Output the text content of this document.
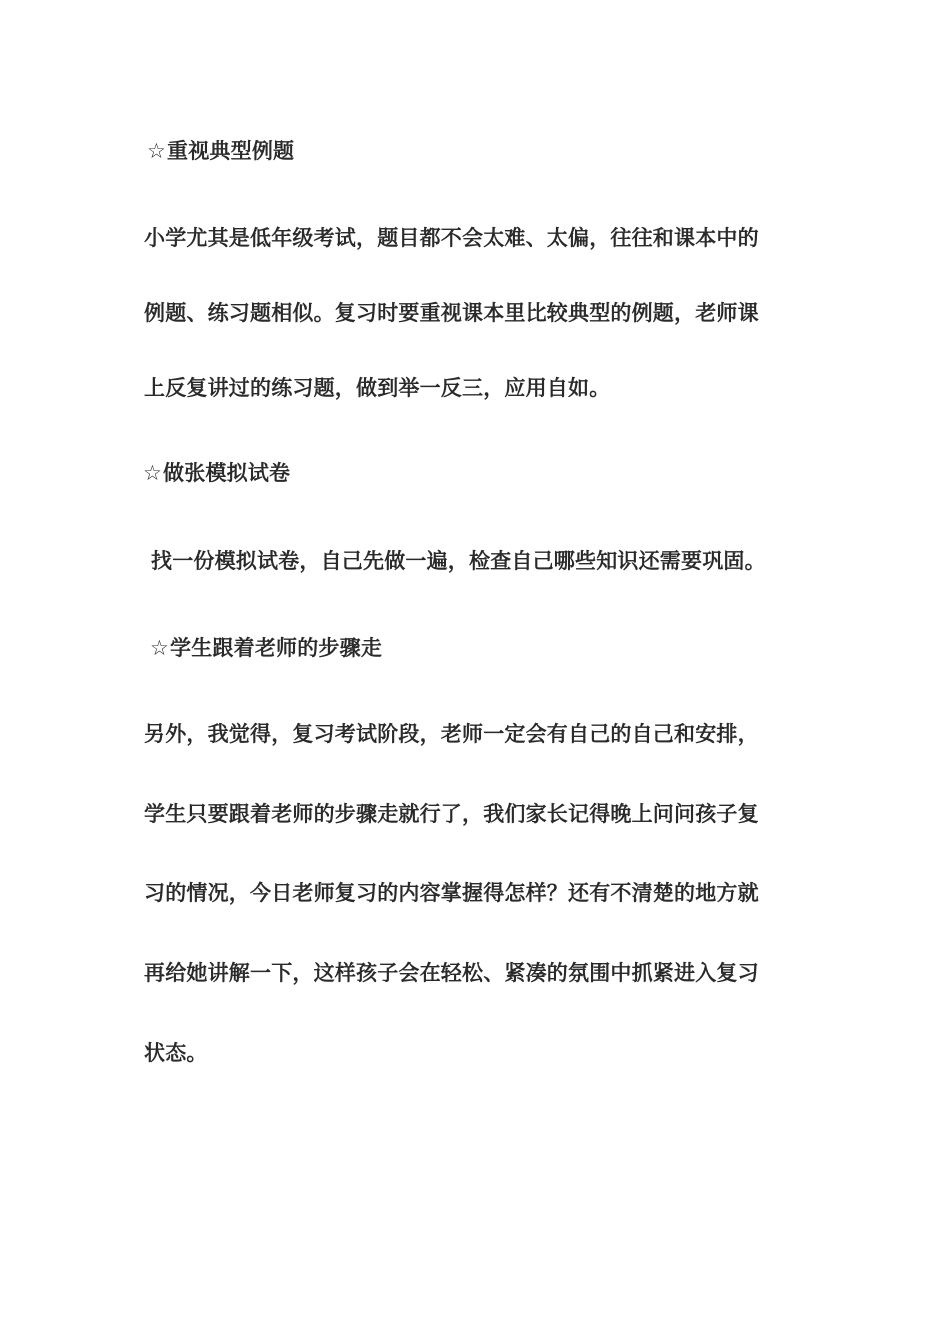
☆重视典型例题
小学尤其是低年级考试，题目都不会太难、太偏，往往和课本中的
例题、练习题相似。复习时要重视课本里比较典型的例题，老师课
上反复讲过的练习题，做到举一反三，应用自如。
☆做张模拟试卷
找一份模拟试卷，自己先做一遍，检查自己哪些知识还需要巩固。
☆学生跟着老师的步骤走
另外，我觉得，复习考试阶段，老师一定会有自己的自己和安排，
学生只要跟着老师的步骤走就行了，我们家长记得晚上问问孩子复
习的情况，今日老师复习的内容掌握得怎样？还有不清楚的地方就
再给她讲解一下，这样孩子会在轻松、紧凑的氛围中抓紧进入复习
状态。
